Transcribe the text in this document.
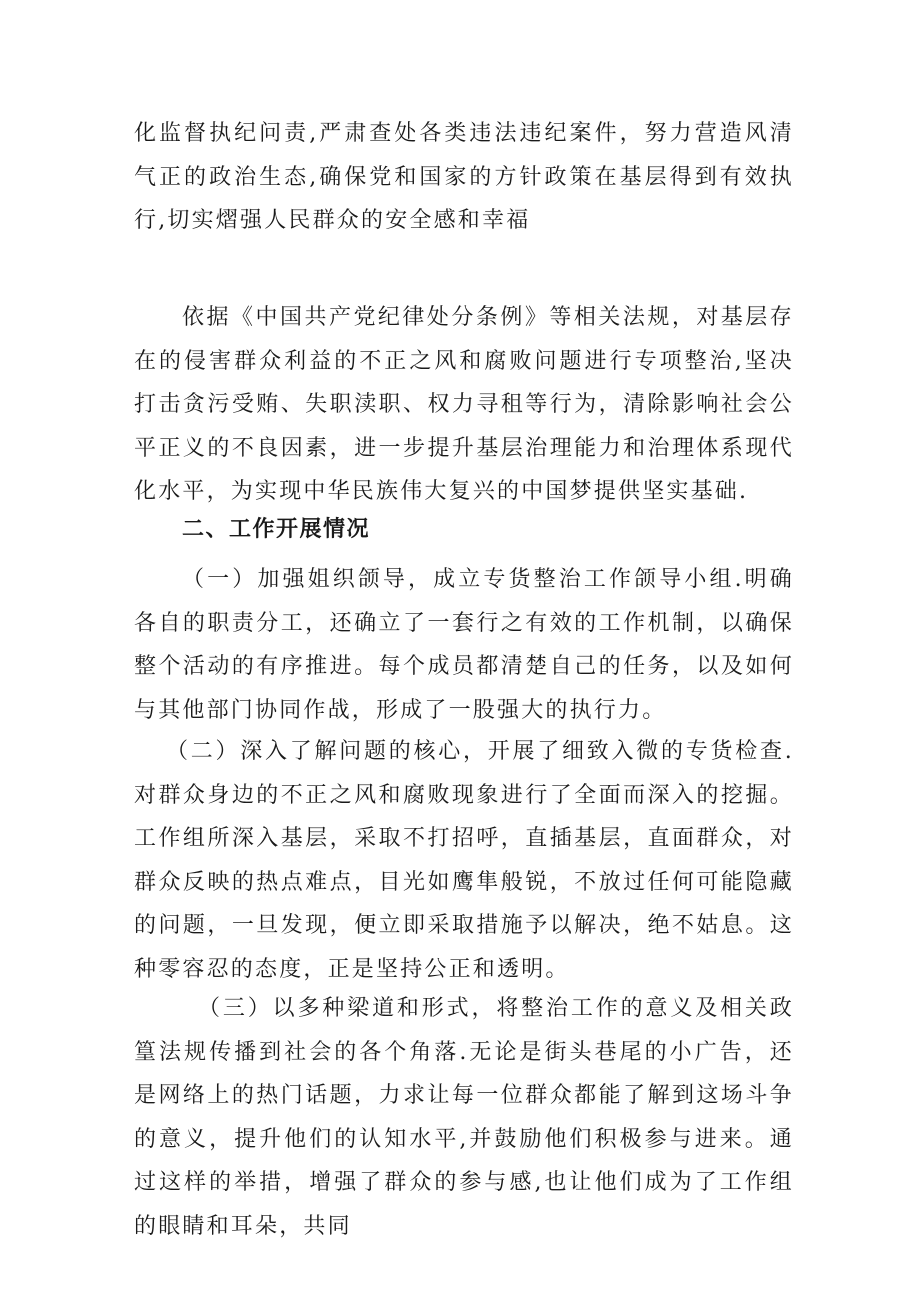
化监督执纪问责,严肃查处各类违法违纪案件，努力营造风清气正的政治生态,确保党和国家的方针政策在基层得到有效执行,切实熠强人民群众的安全感和幸福

依据《中国共产党纪律处分条例》等相关法规，对基层存在的侵害群众利益的不正之风和腐败问题进行专项整治,坚决打击贪污受贿、失职渎职、权力寻租等行为，清除影响社会公平正义的不良因素，进一步提升基层治理能力和治理体系现代化水平，为实现中华民族伟大复兴的中国梦提供坚实基础.

二、工作开展情况

（一）加强姐织颌导，成立专货整治工作颌导小组.明确各自的职责分工，还确立了一套行之有效的工作机制，以确保整个活动的有序推进。每个成员都清楚自己的任务，以及如何与其他部门协同作战，形成了一股强大的执行力。

（二）深入了解问题的核心，开展了细致入微的专货检查.对群众身边的不正之风和腐败现象进行了全面而深入的挖掘。工作组所深入基层，采取不打招呼，直插基层，直面群众，对群众反映的热点难点，目光如鹰隼般锐，不放过任何可能隐藏的问题，一旦发现，便立即采取措施予以解决，绝不姑息。这种零容忍的态度，正是坚持公正和透明。

（三）以多种梁道和形式，将整治工作的意义及相关政篁法规传播到社会的各个角落.无论是街头巷尾的小广告，还是网络上的热门话题，力求让每一位群众都能了解到这场斗争的意义，提升他们的认知水平,并鼓励他们积极参与进来。通过这样的举措，增强了群众的参与感,也让他们成为了工作组的眼睛和耳朵，共同
